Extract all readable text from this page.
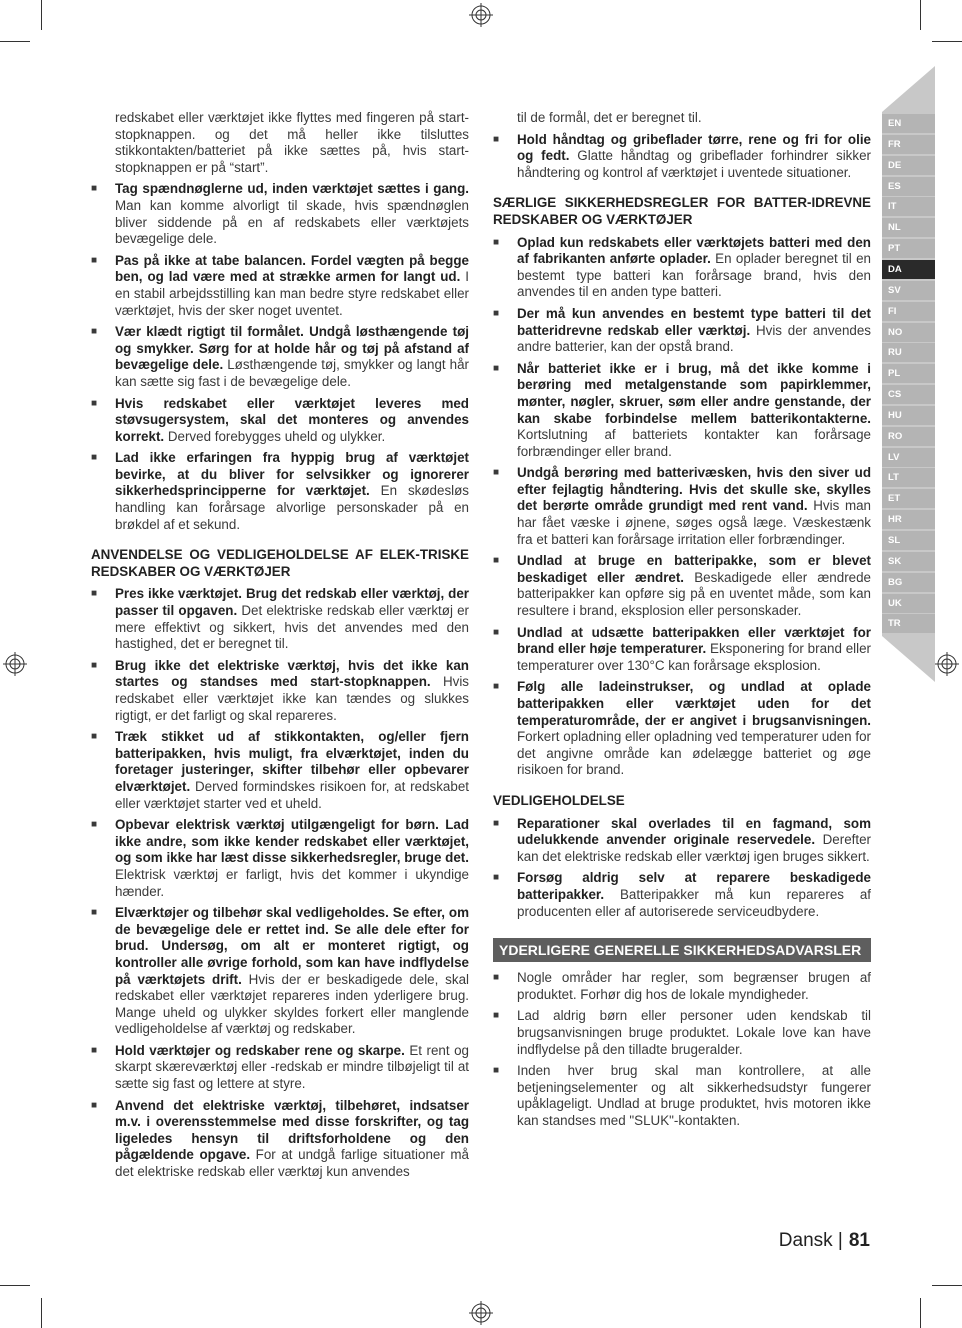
redskabet eller værktøjet ikke flyttes med fingeren på start-stopknappen. og det må heller ikke tilsluttes stikkontakten/batteriet på ikke sættes på, hvis start-stopknappen er på “start”.
■ Tag spændnøglerne ud, inden værktøjet sættes i gang. Man kan komme alvorligt til skade, hvis spændnøglen bliver siddende på en af redskabets eller værktøjets bevægelige dele.
■ Pas på ikke at tabe balancen. Fordel vægten på begge ben, og lad være med at strække armen for langt ud. I en stabil arbejdsstilling kan man bedre styre redskabet eller værktøjet, hvis der sker noget uventet.
■ Vær klædt rigtigt til formålet. Undgå løsthængende tøj og smykker. Sørg for at holde hår og tøj på afstand af bevægelige dele. Løsthængende tøj, smykker og langt hår kan sætte sig fast i de bevægelige dele.
■ Hvis redskabet eller værktøjet leveres med støvsugersystem, skal det monteres og anvendes korrekt. Derved forebygges uheld og ulykker.
■ Lad ikke erfaringen fra hyppig brug af værktøjet bevirke, at du bliver for selvsikker og ignorerer sikkerhedsprincipperne for værktøjet. En skødesløs handling kan forårsage alvorlige personskader på en brøkdel af et sekund.
ANVENDELSE OG VEDLIGEHOLDELSE AF ELEK-TRISKE REDSKABER OG VÆRKTØJER
■ Pres ikke værktøjet. Brug det redskab eller værktøj, der passer til opgaven. Det elektriske redskab eller værktøj er mere effektivt og sikkert, hvis det anvendes med den hastighed, det er beregnet til.
■ Brug ikke det elektriske værktøj, hvis det ikke kan startes og standses med start-stopknappen. Hvis redskabet eller værktøjet ikke kan tændes og slukkes rigtigt, er det farligt og skal repareres.
■ Træk stikket ud af stikkontakten, og/eller fjern batteripakken, hvis muligt, fra elværktøjet, inden du foretager justeringer, skifter tilbehør eller opbevarer elværktøjet. Derved formindskes risikoen for, at redskabet eller værktøjet starter ved et uheld.
■ Opbevar elektrisk værktøj utilgængeligt for børn. Lad ikke andre, som ikke kender redskabet eller værktøjet, og som ikke har læst disse sikkerhedsregler, bruge det. Elektrisk værktøj er farligt, hvis det kommer i ukyndige hænder.
■ Elværktøjer og tilbehør skal vedligeholdes. Se efter, om de bevægelige dele er rettet ind. Se alle dele efter for brud. Undersøg, om alt er monteret rigtigt, og kontroller alle øvrige forhold, som kan have indflydelse på værktøjets drift. Hvis der er beskadigede dele, skal redskabet eller værktøjet repareres inden yderligere brug. Mange uheld og ulykker skyldes forkert eller manglende vedligeholdelse af værktøj og redskaber.
■ Hold værktøjer og redskaber rene og skarpe. Et rent og skarpt skæreværktøj eller -redskab er mindre tilbøjeligt til at sætte sig fast og lettere at styre.
■ Anvend det elektriske værktøj, tilbehøret, indsatser m.v. i overensstemmelse med disse forskrifter, og tag ligeledes hensyn til driftsforholdene og den pågældende opgave. For at undgå farlige situationer må det elektriske redskab eller værktøj kun anvendes
til de formål, det er beregnet til.
■ Hold håndtag og gribeflader tørre, rene og fri for olie og fedt. Glatte håndtag og gribeflader forhindrer sikker håndtering og kontrol af værktøjet i uventede situationer.
SÆRLIGE SIKKERHEDSREGLER FOR BATTER-IDREVNE REDSKABER OG VÆRKTØJER
■ Oplad kun redskabets eller værktøjets batteri med den af fabrikanten anførte oplader. En oplader beregnet til en bestemt type batteri kan forårsage brand, hvis den anvendes til en anden type batteri.
■ Der må kun anvendes en bestemt type batteri til det batteridrevne redskab eller værktøj. Hvis der anvendes andre batterier, kan der opstå brand.
■ Når batteriet ikke er i brug, må det ikke komme i berøring med metalgenstande som papirklemmer, mønter, nøgler, skruer, søm eller andre genstande, der kan skabe forbindelse mellem batterikontakterne. Kortslutning af batteriets kontakter kan forårsage forbrændinger eller brand.
■ Undgå berøring med batterivæsken, hvis den siver ud efter fejlagtig håndtering. Hvis det skulle ske, skylles det berørte område grundigt med rent vand. Hvis man har fået væske i øjnene, søges også læge. Væskestænk fra et batteri kan forårsage irritation eller forbrændinger.
■ Undlad at bruge en batteripakke, som er blevet beskadiget eller ændret. Beskadigede eller ændrede batteripakker kan opføre sig på en uventet måde, som kan resultere i brand, eksplosion eller personskader.
■ Undlad at udsætte batteripakken eller værktøjet for brand eller høje temperaturer. Eksponering for brand eller temperaturer over 130°C kan forårsage eksplosion.
■ Følg alle ladeinstrukser, og undlad at oplade batteripakken eller værktøjet uden for det temperaturområde, der er angivet i brugsanvisningen. Forkert opladning eller opladning ved temperaturer uden for det angivne område kan ødelægge batteriet og øge risikoen for brand.
VEDLIGEHOLDELSE
■ Reparationer skal overlades til en fagmand, som udelukkende anvender originale reservedele. Derefter kan det elektriske redskab eller værktøj igen bruges sikkert.
■ Forsøg aldrig selv at reparere beskadigede batteripakker. Batteripakker må kun repareres af producenten eller af autoriserede serviceudbydere.
YDERLIGERE GENERELLE SIKKERHEDSADVARSLER
■ Nogle områder har regler, som begrænser brugen af produktet. Forhør dig hos de lokale myndigheder.
■ Lad aldrig børn eller personer uden kendskab til brugsanvisningen bruge produktet. Lokale love kan have indflydelse på den tilladte brugeralder.
■ Inden hver brug skal man kontrollere, at alle betjeningselementer og alt sikkerhedsudstyr fungerer upåklageligt. Undlad at bruge produktet, hvis motoren ikke kan standses med "SLUK"-kontakten.
EN
FR
DE
ES
IT
NL
PT
DA
SV
FI
NO
RU
PL
CS
HU
RO
LV
LT
ET
HR
SL
SK
BG
UK
TR
Dansk | 81
